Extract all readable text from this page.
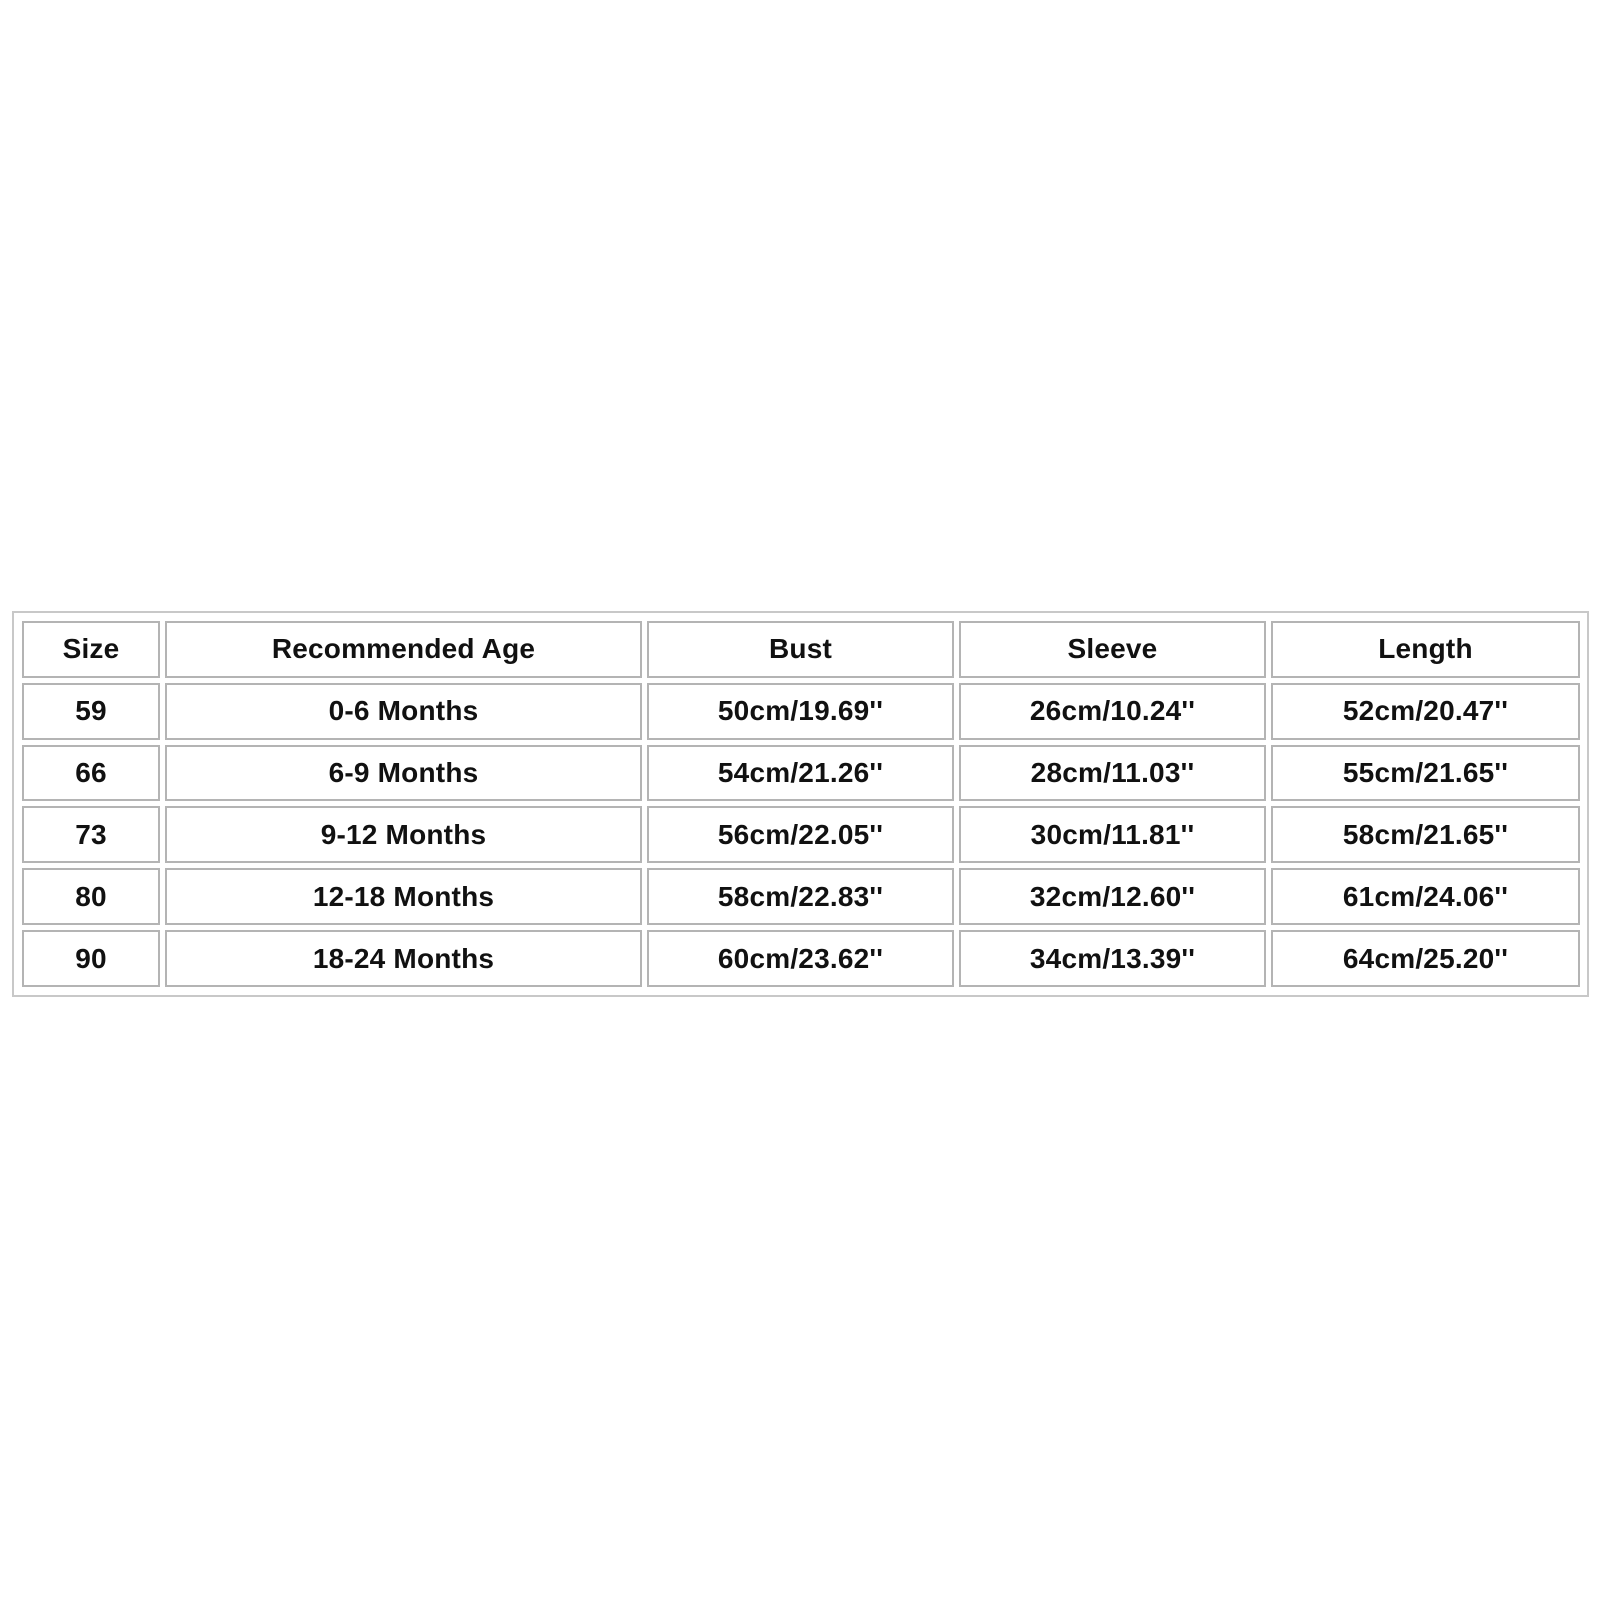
Size	Recommended Age	Bust	Sleeve	Length
59	0-6 Months	50cm/19.69''	26cm/10.24''	52cm/20.47''
66	6-9 Months	54cm/21.26''	28cm/11.03''	55cm/21.65''
73	9-12 Months	56cm/22.05''	30cm/11.81''	58cm/21.65''
80	12-18 Months	58cm/22.83''	32cm/12.60''	61cm/24.06''
90	18-24 Months	60cm/23.62''	34cm/13.39''	64cm/25.20''
